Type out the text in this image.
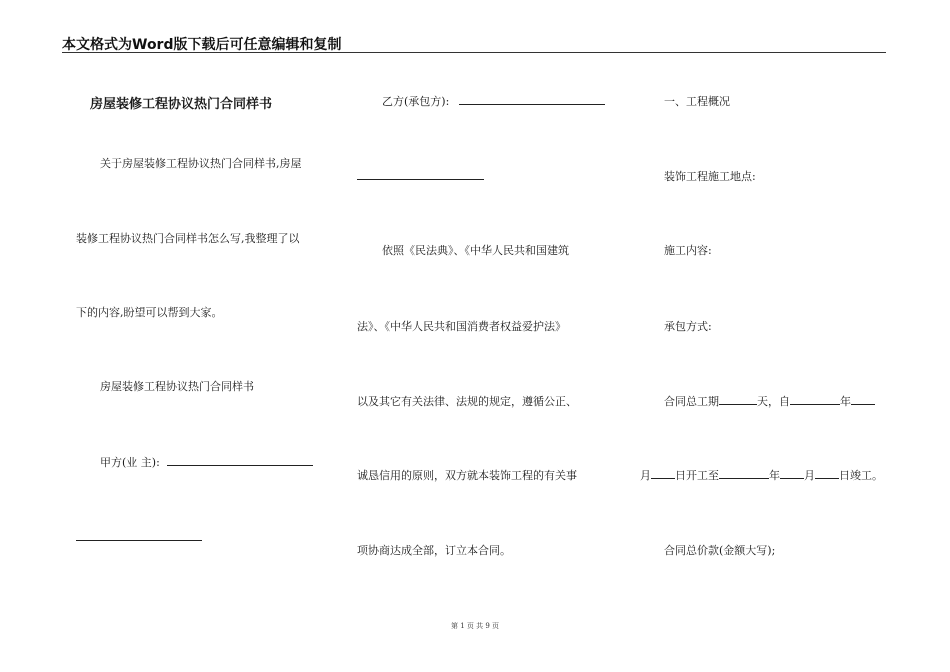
本文格式为Word版下载后可任意编辑和复制
房屋装修工程协议热门合同样书
关于房屋装修工程协议热门合同样书,房屋
装修工程协议热门合同样书怎么写,我整理了以
下的内容,盼望可以帮到大家。
房屋装修工程协议热门合同样书
甲方(业 主):
乙方(承包方):
依照《民法典》、《中华人民共和国建筑
法》、《中华人民共和国消费者权益爱护法》
以及其它有关法律、法规的规定，遵循公正、
诚恳信用的原则，双方就本装饰工程的有关事
项协商达成全部，订立本合同。
一、工程概况
装饰工程施工地点:
施工内容:
承包方式:
合同总工期	天，自	年
月 日开工至	年 月 日竣工。
合同总价款(金额大写);
第 1 页 共 9 页
